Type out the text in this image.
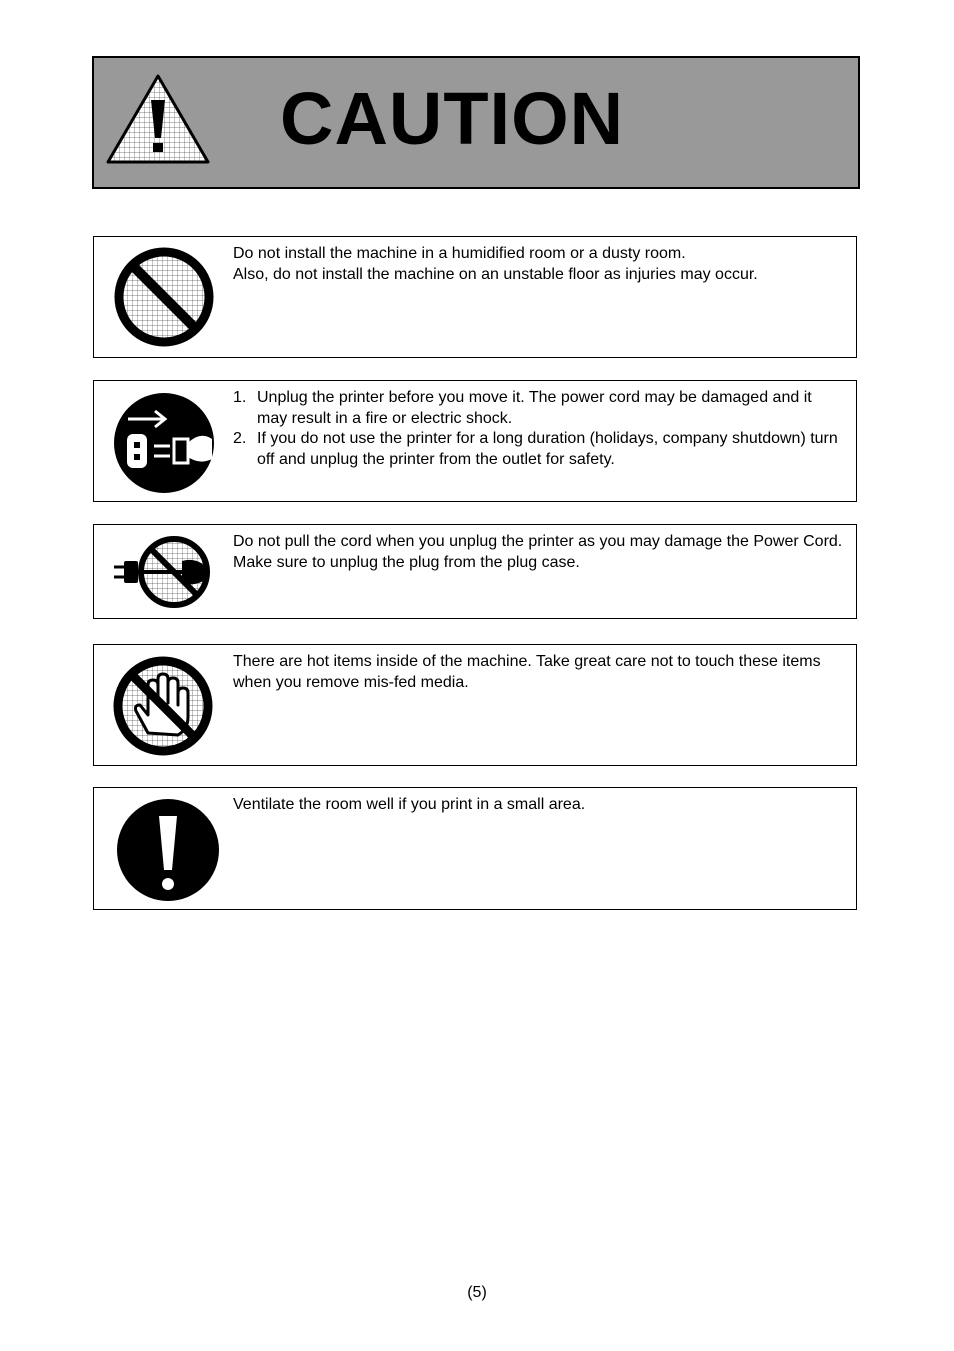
CAUTION

Do not install the machine in a humidified room or a dusty room.

Also, do not install the machine on an unstable floor as injuries may occur.

1. Unplug the printer before you move it. The power cord may be damaged and it may result in a fire or electric shock.
2. If you do not use the printer for a long duration (holidays, company shutdown) turn off and unplug the printer from the outlet for safety.

Do not pull the cord when you unplug the printer as you may damage the Power Cord. Make sure to unplug the plug from the plug case.

There are hot items inside of the machine. Take great care not to touch these items when you remove mis-fed media.

Ventilate the room well if you print in a small area.

(5)
